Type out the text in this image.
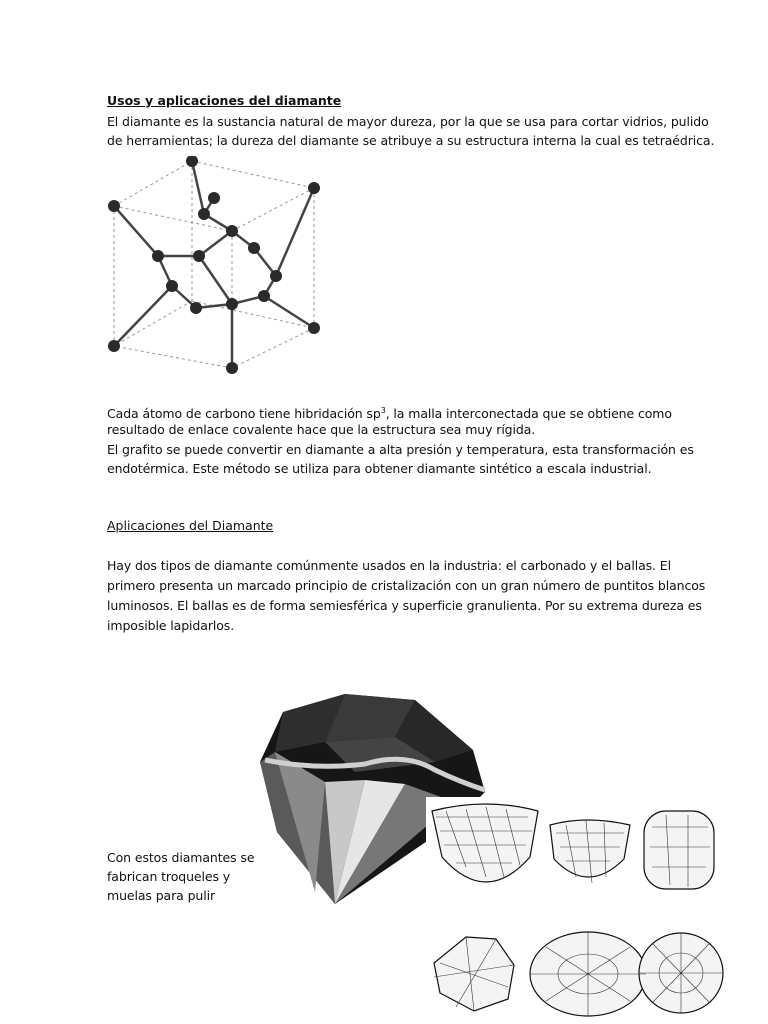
Usos y aplicaciones del diamante
El diamante es la sustancia natural de mayor dureza, por la que se usa para cortar vidrios, pulido
de herramientas; la dureza del diamante se atribuye a su estructura interna la cual es tetraédrica.
Cada átomo de carbono tiene hibridación $sp^3$, la malla interconectada que se obtiene como
resultado de enlace covalente hace que la estructura sea muy rígida.
El grafito se puede convertir en diamante a alta presión y temperatura, esta transformación es
endotérmica. Este método se utiliza para obtener diamante sintético a escala industrial.
Aplicaciones del Diamante
Hay dos tipos de diamante comúnmente usados en la industria: el carbonado y el ballas. El
primero presenta un marcado principio de cristalización con un gran número de puntitos blancos
luminosos. El ballas es de forma semiesférica y superficie granulienta. Por su extrema dureza es
imposible lapidarlos.
Con estos diamantes se
fabrican troqueles y
muelas para pulir
